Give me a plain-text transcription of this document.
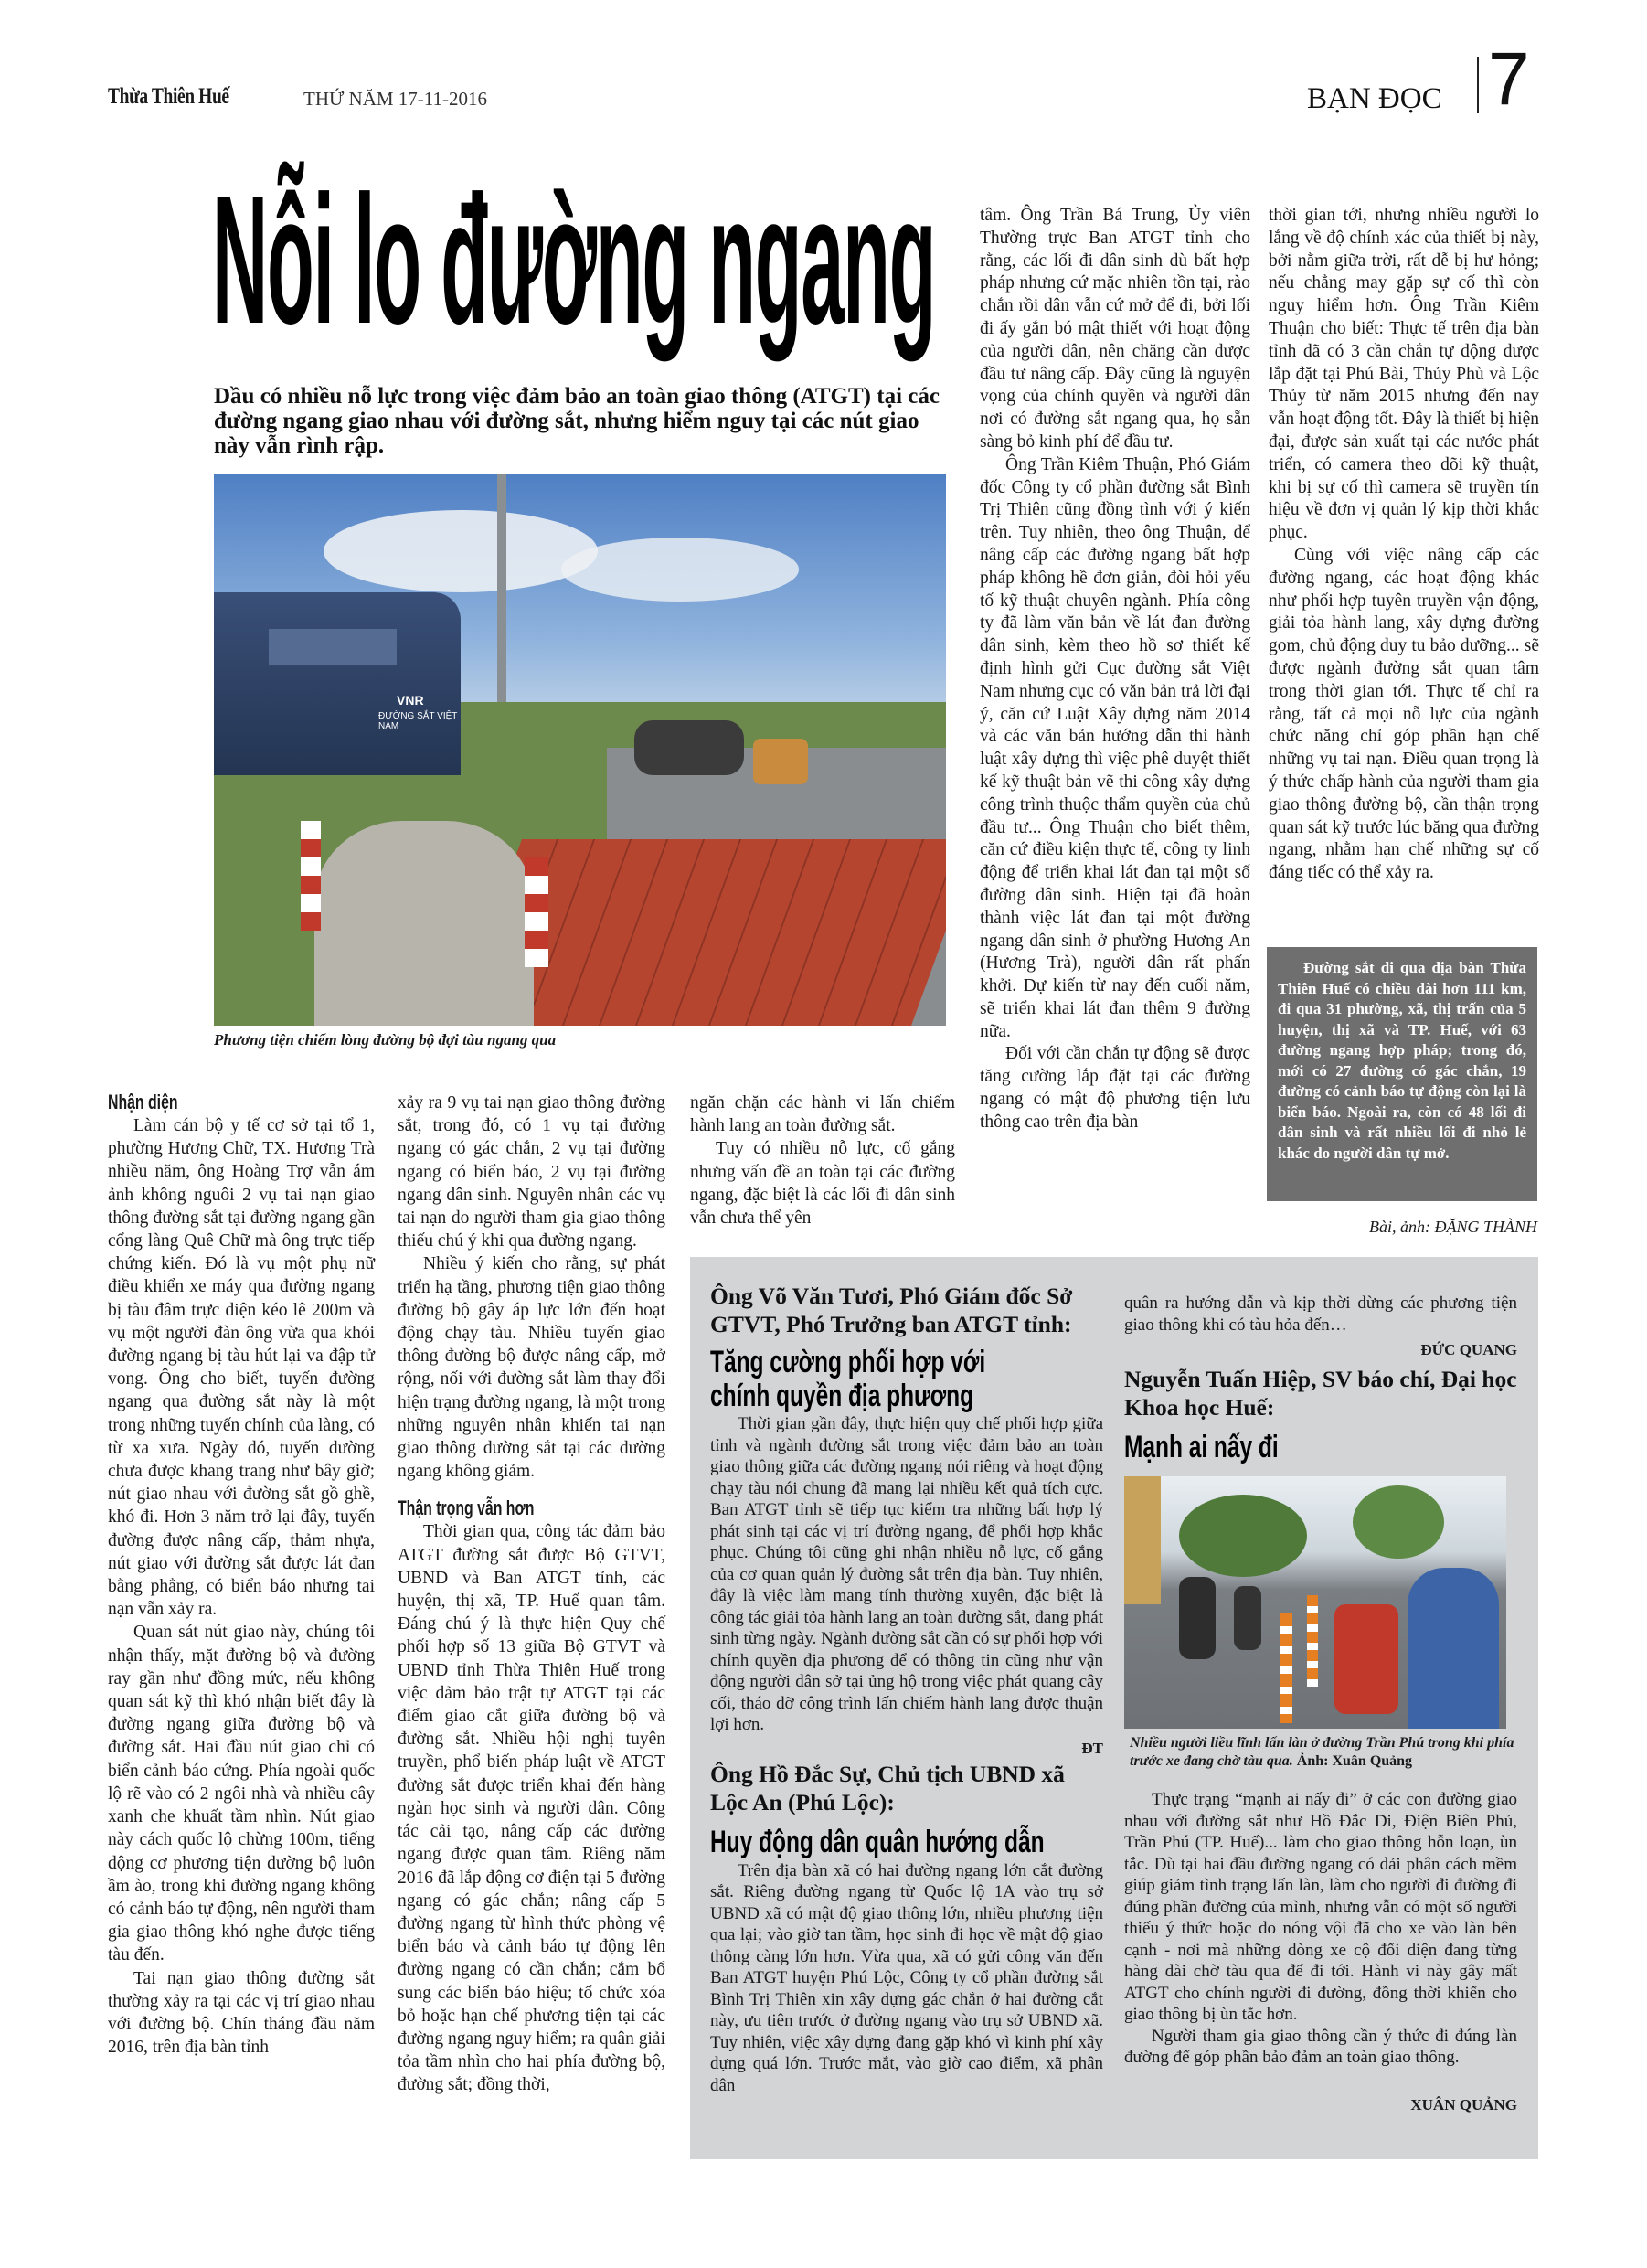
Thừa Thiên Huế	THỨ NĂM 17-11-2016	BẠN ĐỌC 7
Nỗi lo đường ngang
Dầu có nhiều nỗ lực trong việc đảm bảo an toàn giao thông (ATGT) tại các đường ngang giao nhau với đường sắt, nhưng hiểm nguy tại các nút giao này vẫn rình rập.
ĐƯỜNG SẮT VIỆT NAM
VNR
Phương tiện chiếm lòng đường bộ đợi tàu ngang qua

tâm. Ông Trần Bá Trung, Ủy viên Thường trực Ban ATGT tỉnh cho rằng, các lối đi dân sinh dù bất hợp pháp nhưng cứ mặc nhiên tồn tại, rào chắn rồi dân vẫn cứ mở để đi, bởi lối đi ấy gắn bó mật thiết với hoạt động của người dân, nên chăng cần được đầu tư nâng cấp. Đây cũng là nguyện vọng của chính quyền và người dân nơi có đường sắt ngang qua, họ sẵn sàng bỏ kinh phí để đầu tư.

Ông Trần Kiêm Thuận, Phó Giám đốc Công ty cổ phần đường sắt Bình Trị Thiên cũng đồng tình với ý kiến trên. Tuy nhiên, theo ông Thuận, để nâng cấp các đường ngang bất hợp pháp không hề đơn giản, đòi hỏi yếu tố kỹ thuật chuyên ngành. Phía công ty đã làm văn bản về lát đan đường dân sinh, kèm theo hồ sơ thiết kế định hình gửi Cục đường sắt Việt Nam nhưng cục có văn bản trả lời đại ý, căn cứ Luật Xây dựng năm 2014 và các văn bản hướng dẫn thi hành luật xây dựng thì việc phê duyệt thiết kế kỹ thuật bản vẽ thi công xây dựng công trình thuộc thẩm quyền của chủ đầu tư... Ông Thuận cho biết thêm, căn cứ điều kiện thực tế, công ty linh động để triển khai lát đan tại một số đường dân sinh. Hiện tại đã hoàn thành việc lát đan tại một đường ngang dân sinh ở phường Hương An (Hương Trà), người dân rất phấn khởi. Dự kiến từ nay đến cuối năm, sẽ triển khai lát đan thêm 9 đường nữa.

Đối với cần chắn tự động sẽ được tăng cường lắp đặt tại các đường ngang có mật độ phương tiện lưu thông cao trên địa bàn

thời gian tới, nhưng nhiều người lo lắng về độ chính xác của thiết bị này, bởi nằm giữa trời, rất dễ bị hư hỏng; nếu chẳng may gặp sự cố thì còn nguy hiểm hơn. Ông Trần Kiêm Thuận cho biết: Thực tế trên địa bàn tỉnh đã có 3 cần chắn tự động được lắp đặt tại Phú Bài, Thủy Phù và Lộc Thủy từ năm 2015 nhưng đến nay vẫn hoạt động tốt. Đây là thiết bị hiện đại, được sản xuất tại các nước phát triển, có camera theo dõi kỹ thuật, khi bị sự cố thì camera sẽ truyền tín hiệu về đơn vị quản lý kịp thời khắc phục.

Cùng với việc nâng cấp các đường ngang, các hoạt động khác như phối hợp tuyên truyền vận động, giải tỏa hành lang, xây dựng đường gom, chủ động duy tu bảo dưỡng... sẽ được ngành đường sắt quan tâm trong thời gian tới. Thực tế chỉ ra rằng, tất cả mọi nỗ lực của ngành chức năng chỉ góp phần hạn chế những vụ tai nạn. Điều quan trọng là ý thức chấp hành của người tham gia giao thông đường bộ, cần thận trọng quan sát kỹ trước lúc băng qua đường ngang, nhằm hạn chế những sự cố đáng tiếc có thể xảy ra.

Đường sắt đi qua địa bàn Thừa Thiên Huế có chiều dài hơn 111 km, đi qua 31 phường, xã, thị trấn của 5 huyện, thị xã và TP. Huế, với 63 đường ngang hợp pháp; trong đó, mới có 27 đường có gác chắn, 19 đường có cảnh báo tự động còn lại là biển báo. Ngoài ra, còn có 48 lối đi dân sinh và rất nhiều lối đi nhỏ lẻ khác do người dân tự mở.
Bài, ảnh: ĐẶNG THÀNH
Nhận diện

Làm cán bộ y tế cơ sở tại tổ 1, phường Hương Chữ, TX. Hương Trà nhiều năm, ông Hoàng Trợ vẫn ám ảnh không nguôi 2 vụ tai nạn giao thông đường sắt tại đường ngang gần cổng làng Quê Chữ mà ông trực tiếp chứng kiến. Đó là vụ một phụ nữ điều khiển xe máy qua đường ngang bị tàu đâm trực diện kéo lê 200m và vụ một người đàn ông vừa qua khỏi đường ngang bị tàu hút lại va đập tử vong. Ông cho biết, tuyến đường ngang qua đường sắt này là một trong những tuyến chính của làng, có từ xa xưa. Ngày đó, tuyến đường chưa được khang trang như bây giờ; nút giao nhau với đường sắt gồ ghề, khó đi. Hơn 3 năm trở lại đây, tuyến đường được nâng cấp, thảm nhựa, nút giao với đường sắt được lát đan bằng phẳng, có biển báo nhưng tai nạn vẫn xảy ra.

Quan sát nút giao này, chúng tôi nhận thấy, mặt đường bộ và đường ray gần như đồng mức, nếu không quan sát kỹ thì khó nhận biết đây là đường ngang giữa đường bộ và đường sắt. Hai đầu nút giao chỉ có biển cảnh báo cứng. Phía ngoài quốc lộ rẽ vào có 2 ngôi nhà và nhiều cây xanh che khuất tầm nhìn. Nút giao này cách quốc lộ chừng 100m, tiếng động cơ phương tiện đường bộ luôn ầm ào, trong khi đường ngang không có cảnh báo tự động, nên người tham gia giao thông khó nghe được tiếng tàu đến.

Tai nạn giao thông đường sắt thường xảy ra tại các vị trí giao nhau với đường bộ. Chín tháng đầu năm 2016, trên địa bàn tỉnh

xảy ra 9 vụ tai nạn giao thông đường sắt, trong đó, có 1 vụ tại đường ngang có gác chắn, 2 vụ tại đường ngang có biển báo, 2 vụ tại đường ngang dân sinh. Nguyên nhân các vụ tai nạn do người tham gia giao thông thiếu chú ý khi qua đường ngang.

Nhiều ý kiến cho rằng, sự phát triển hạ tầng, phương tiện giao thông đường bộ gây áp lực lớn đến hoạt động chạy tàu. Nhiều tuyến giao thông đường bộ được nâng cấp, mở rộng, nối với đường sắt làm thay đổi hiện trạng đường ngang, là một trong những nguyên nhân khiến tai nạn giao thông đường sắt tại các đường ngang không giảm.

Thận trọng vẫn hơn

Thời gian qua, công tác đảm bảo ATGT đường sắt được Bộ GTVT, UBND và Ban ATGT tỉnh, các huyện, thị xã, TP. Huế quan tâm. Đáng chú ý là thực hiện Quy chế phối hợp số 13 giữa Bộ GTVT và UBND tỉnh Thừa Thiên Huế trong việc đảm bảo trật tự ATGT tại các điểm giao cắt giữa đường bộ và đường sắt. Nhiều hội nghị tuyên truyền, phổ biến pháp luật về ATGT đường sắt được triển khai đến hàng ngàn học sinh và người dân. Công tác cải tạo, nâng cấp các đường ngang được quan tâm. Riêng năm 2016 đã lắp động cơ điện tại 5 đường ngang có gác chắn; nâng cấp 5 đường ngang từ hình thức phòng vệ biển báo và cảnh báo tự động lên đường ngang có cần chắn; cắm bổ sung các biển báo hiệu; tổ chức xóa bỏ hoặc hạn chế phương tiện tại các đường ngang nguy hiểm; ra quân giải tỏa tầm nhìn cho hai phía đường bộ, đường sắt; đồng thời,

ngăn chặn các hành vi lấn chiếm hành lang an toàn đường sắt.

Tuy có nhiều nỗ lực, cố gắng nhưng vấn đề an toàn tại các đường ngang, đặc biệt là các lối đi dân sinh vẫn chưa thể yên

Ông Võ Văn Tươi, Phó Giám đốc Sở GTVT, Phó Trưởng ban ATGT tỉnh:
Tăng cường phối hợp với
chính quyền địa phương

Thời gian gần đây, thực hiện quy chế phối hợp giữa tỉnh và ngành đường sắt trong việc đảm bảo an toàn giao thông giữa các đường ngang nói riêng và hoạt động chạy tàu nói chung đã mang lại nhiều kết quả tích cực. Ban ATGT tỉnh sẽ tiếp tục kiểm tra những bất hợp lý phát sinh tại các vị trí đường ngang, để phối hợp khắc phục. Chúng tôi cũng ghi nhận nhiều nỗ lực, cố gắng của cơ quan quản lý đường sắt trên địa bàn. Tuy nhiên, đây là việc làm mang tính thường xuyên, đặc biệt là công tác giải tỏa hành lang an toàn đường sắt, đang phát sinh từng ngày. Ngành đường sắt cần có sự phối hợp với chính quyền địa phương để có thông tin cũng như vận động người dân sở tại ủng hộ trong việc phát quang cây cối, tháo dỡ công trình lấn chiếm hành lang được thuận lợi hơn.

ĐT
Ông Hồ Đắc Sự, Chủ tịch UBND xã Lộc An (Phú Lộc):
Huy động dân quân hướng dẫn

Trên địa bàn xã có hai đường ngang lớn cắt đường sắt. Riêng đường ngang từ Quốc lộ 1A vào trụ sở UBND xã có mật độ giao thông lớn, nhiều phương tiện qua lại; vào giờ tan tầm, học sinh đi học về mật độ giao thông càng lớn hơn. Vừa qua, xã có gửi công văn đến Ban ATGT huyện Phú Lộc, Công ty cổ phần đường sắt Bình Trị Thiên xin xây dựng gác chắn ở hai đường cắt này, ưu tiên trước ở đường ngang vào trụ sở UBND xã. Tuy nhiên, việc xây dựng đang gặp khó vì kinh phí xây dựng quá lớn. Trước mắt, vào giờ cao điểm, xã phân dân

quân ra hướng dẫn và kịp thời dừng các phương tiện giao thông khi có tàu hỏa đến…

ĐỨC QUANG
Nguyễn Tuấn Hiệp, SV báo chí, Đại học Khoa học Huế:
Mạnh ai nấy đi
Nhiều người liều lĩnh lấn làn ở đường Trần Phú trong khi phía trước xe đang chờ tàu qua. Ảnh: Xuân Quảng

Thực trạng “mạnh ai nấy đi” ở các con đường giao nhau với đường sắt như Hồ Đắc Di, Điện Biên Phủ, Trần Phú (TP. Huế)... làm cho giao thông hỗn loạn, ùn tắc. Dù tại hai đầu đường ngang có dải phân cách mềm giúp giảm tình trạng lấn làn, làm cho người đi đường đi đúng phần đường của mình, nhưng vẫn có một số người thiếu ý thức hoặc do nóng vội đã cho xe vào làn bên cạnh - nơi mà những dòng xe cộ đối diện đang từng hàng dài chờ tàu qua để đi tới. Hành vi này gây mất ATGT cho chính người đi đường, đồng thời khiến cho giao thông bị ùn tắc hơn.

Người tham gia giao thông cần ý thức đi đúng làn đường để góp phần bảo đảm an toàn giao thông.

XUÂN QUẢNG
